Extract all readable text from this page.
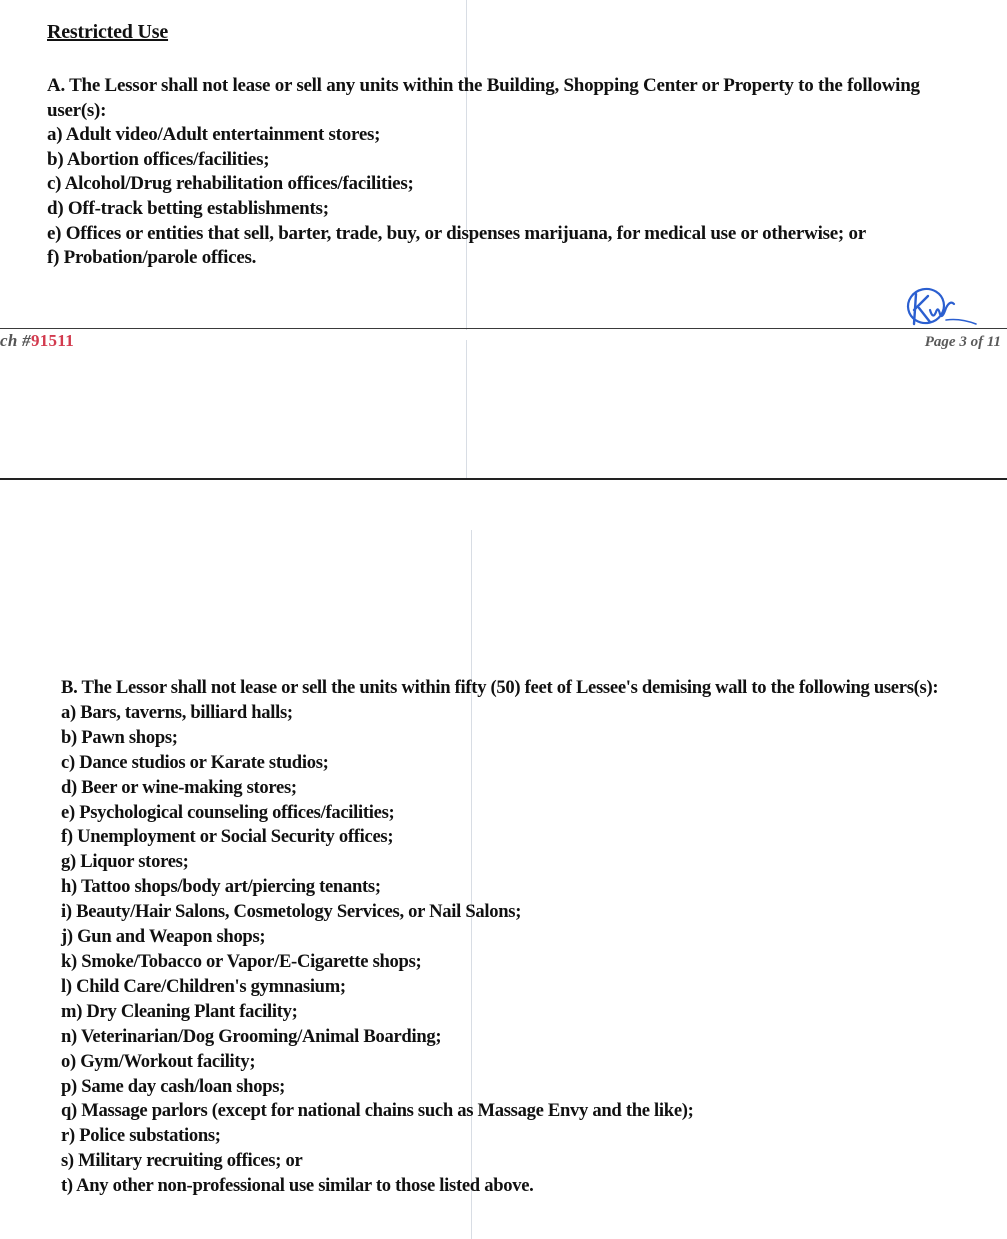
Restricted Use

A. The Lessor shall not lease or sell any units within the Building, Shopping Center or Property to the following user(s):

a) Adult video/Adult entertainment stores;
b) Abortion offices/facilities;
c) Alcohol/Drug rehabilitation offices/facilities;
d) Off-track betting establishments;
e) Offices or entities that sell, barter, trade, buy, or dispenses marijuana, for medical use or otherwise; or
f) Probation/parole offices.
ch #91511	Page 3 of 11

B. The Lessor shall not lease or sell the units within fifty (50) feet of Lessee's demising wall to the following users(s):

a) Bars, taverns, billiard halls;
b) Pawn shops;
c) Dance studios or Karate studios;
d) Beer or wine-making stores;
e) Psychological counseling offices/facilities;
f) Unemployment or Social Security offices;
g) Liquor stores;
h) Tattoo shops/body art/piercing tenants;
i) Beauty/Hair Salons, Cosmetology Services, or Nail Salons;
j) Gun and Weapon shops;
k) Smoke/Tobacco or Vapor/E-Cigarette shops;
l) Child Care/Children's gymnasium;
m) Dry Cleaning Plant facility;
n) Veterinarian/Dog Grooming/Animal Boarding;
o) Gym/Workout facility;
p) Same day cash/loan shops;
q) Massage parlors (except for national chains such as Massage Envy and the like);
r) Police substations;
s) Military recruiting offices; or
t) Any other non-professional use similar to those listed above.
